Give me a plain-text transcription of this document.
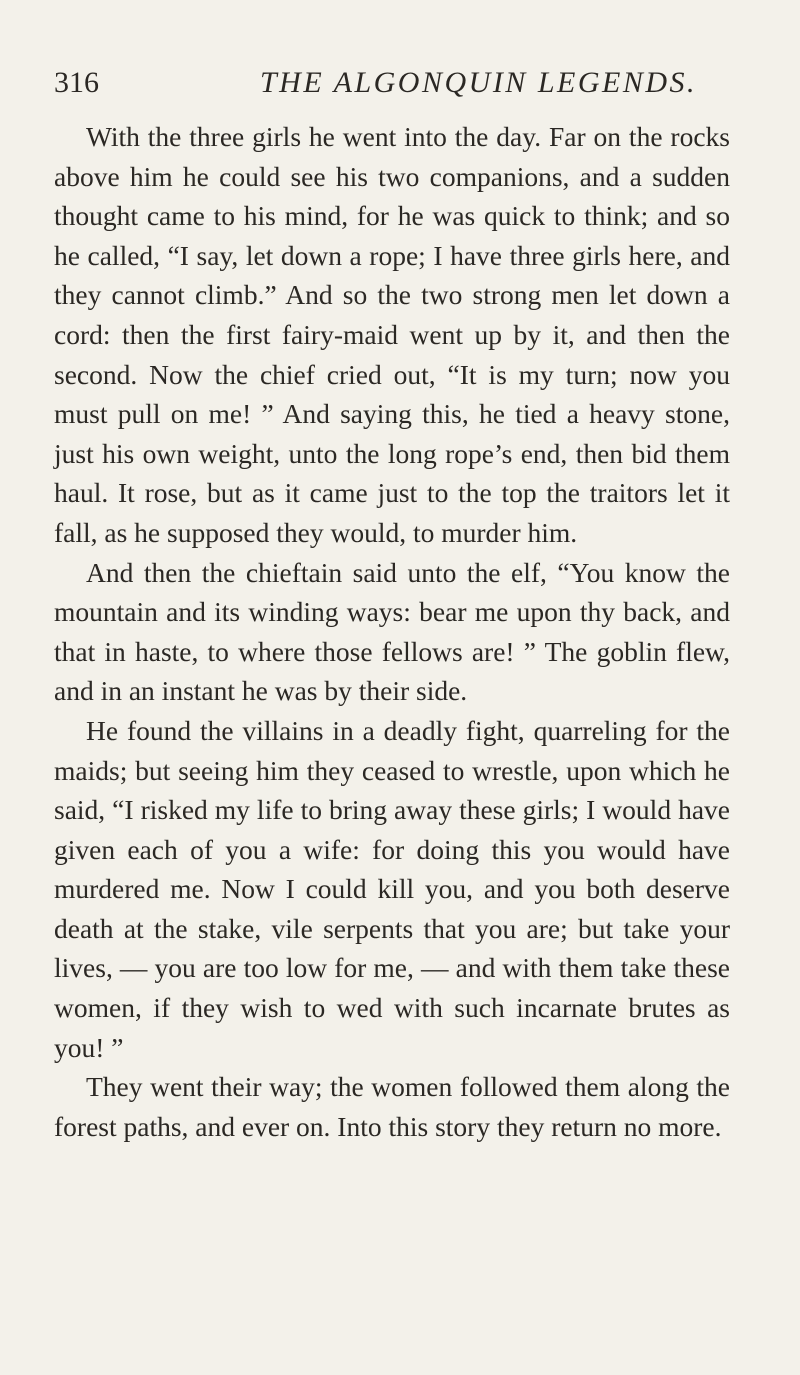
316	THE ALGONQUIN LEGENDS.

With the three girls he went into the day. Far on the rocks above him he could see his two companions, and a sudden thought came to his mind, for he was quick to think; and so he called, “I say, let down a rope; I have three girls here, and they cannot climb.” And so the two strong men let down a cord: then the first fairy-maid went up by it, and then the second. Now the chief cried out, “It is my turn; now you must pull on me! ” And saying this, he tied a heavy stone, just his own weight, unto the long rope’s end, then bid them haul. It rose, but as it came just to the top the traitors let it fall, as he supposed they would, to murder him.

And then the chieftain said unto the elf, “You know the mountain and its winding ways: bear me upon thy back, and that in haste, to where those fellows are! ” The goblin flew, and in an instant he was by their side.

He found the villains in a deadly fight, quarreling for the maids; but seeing him they ceased to wrestle, upon which he said, “I risked my life to bring away these girls; I would have given each of you a wife: for doing this you would have murdered me. Now I could kill you, and you both deserve death at the stake, vile serpents that you are; but take your lives, — you are too low for me, — and with them take these women, if they wish to wed with such incarnate brutes as you! ”

They went their way; the women followed them along the forest paths, and ever on. Into this story they return no more.
